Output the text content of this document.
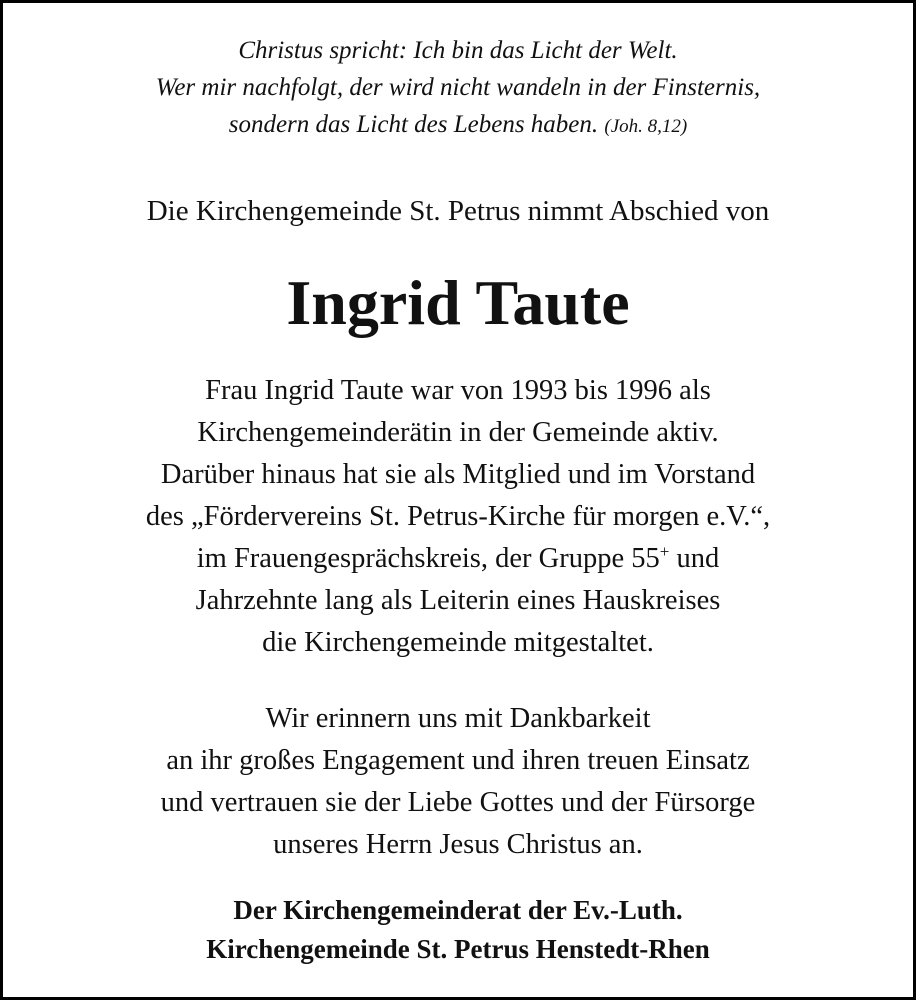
Christus spricht: Ich bin das Licht der Welt.
Wer mir nachfolgt, der wird nicht wandeln in der Finsternis,
sondern das Licht des Lebens haben. (Joh. 8,12)
Die Kirchengemeinde St. Petrus nimmt Abschied von
Ingrid Taute
Frau Ingrid Taute war von 1993 bis 1996 als
Kirchengemeinderätin in der Gemeinde aktiv.
Darüber hinaus hat sie als Mitglied und im Vorstand
des „Fördervereins St. Petrus-Kirche für morgen e.V.“,
im Frauengesprächskreis, der Gruppe 55+ und
Jahrzehnte lang als Leiterin eines Hauskreises
die Kirchengemeinde mitgestaltet.
Wir erinnern uns mit Dankbarkeit
an ihr großes Engagement und ihren treuen Einsatz
und vertrauen sie der Liebe Gottes und der Fürsorge
unseres Herrn Jesus Christus an.
Der Kirchengemeinderat der Ev.-Luth.
Kirchengemeinde St. Petrus Henstedt-Rhen
